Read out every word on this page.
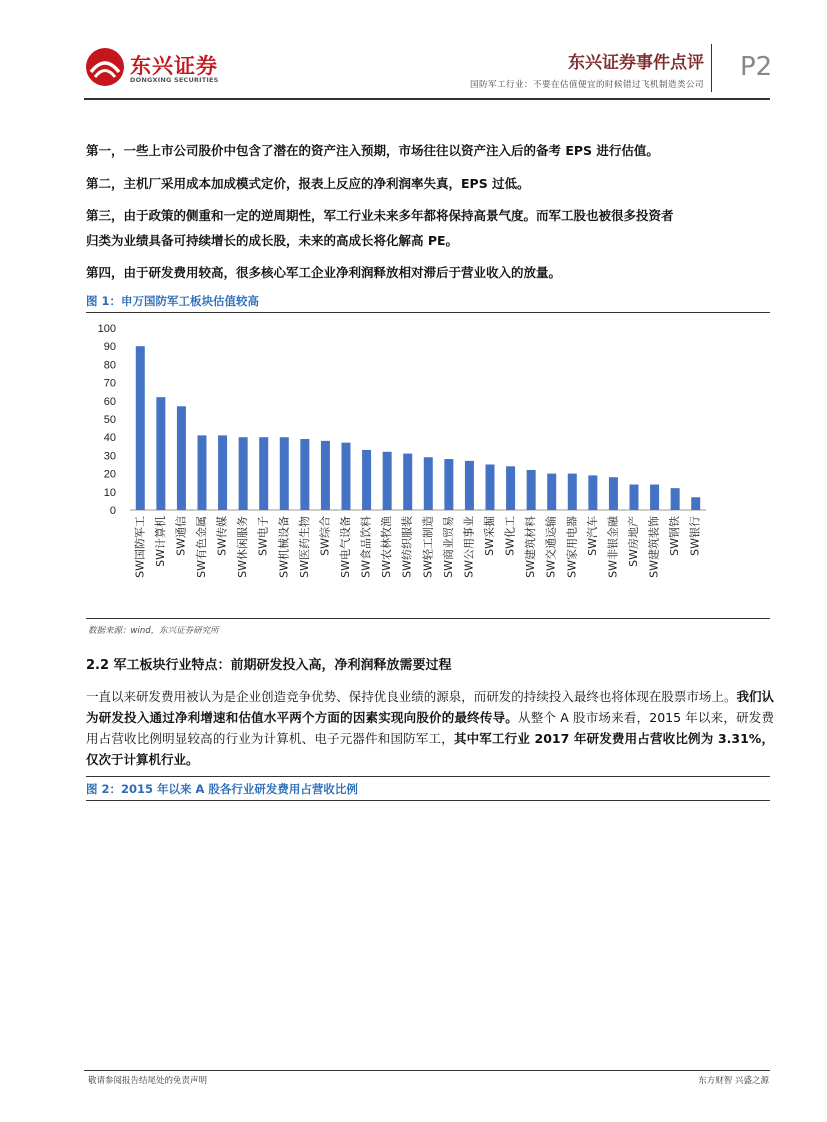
东兴证券
DONGXING SECURITIES
东兴证券事件点评
国防军工行业：不要在估值便宜的时候错过飞机制造类公司
P2
第一，一些上市公司股价中包含了潜在的资产注入预期，市场往往以资产注入后的备考 EPS 进行估值。
第二，主机厂采用成本加成模式定价，报表上反应的净利润率失真，EPS 过低。
第三，由于政策的侧重和一定的逆周期性，军工行业未来多年都将保持高景气度。而军工股也被很多投资者
归类为业绩具备可持续增长的成长股，未来的高成长将化解高 PE。
第四，由于研发费用较高，很多核心军工企业净利润释放相对滞后于营业收入的放量。
图 1：申万国防军工板块估值较高
0
10
20
30
40
50
60
70
80
90
100
SW国防军工 SW计算机 SW通信 SW有色金属 SW传媒 SW休闲服务 SW电子 SW机械设备 SW医药生物 SW综合 SW电气设备 SW食品饮料 SW农林牧渔 SW纺织服装 SW轻工制造 SW商业贸易 SW公用事业 SW采掘 SW化工 SW建筑材料 SW交通运输 SW家用电器 SW汽车 SW非银金融 SW房地产 SW建筑装饰 SW钢铁 SW银行
数据来源：wind，东兴证券研究所
2.2 军工板块行业特点：前期研发投入高，净利润释放需要过程
一直以来研发费用被认为是企业创造竞争优势、保持优良业绩的源泉，而研发的持续投入最终也将体现在股票市场上。我们认为研发投入通过净利增速和估值水平两个方面的因素实现向股价的最终传导。从整个 A 股市场来看，2015 年以来，研发费用占营收比例明显较高的行业为计算机、电子元器件和国防军工，其中军工行业 2017 年研发费用占营收比例为 3.31%，仅次于计算机行业。
图 2：2015 年以来 A 股各行业研发费用占营收比例
敬请参阅报告结尾处的免责声明	东方财智 兴盛之源
